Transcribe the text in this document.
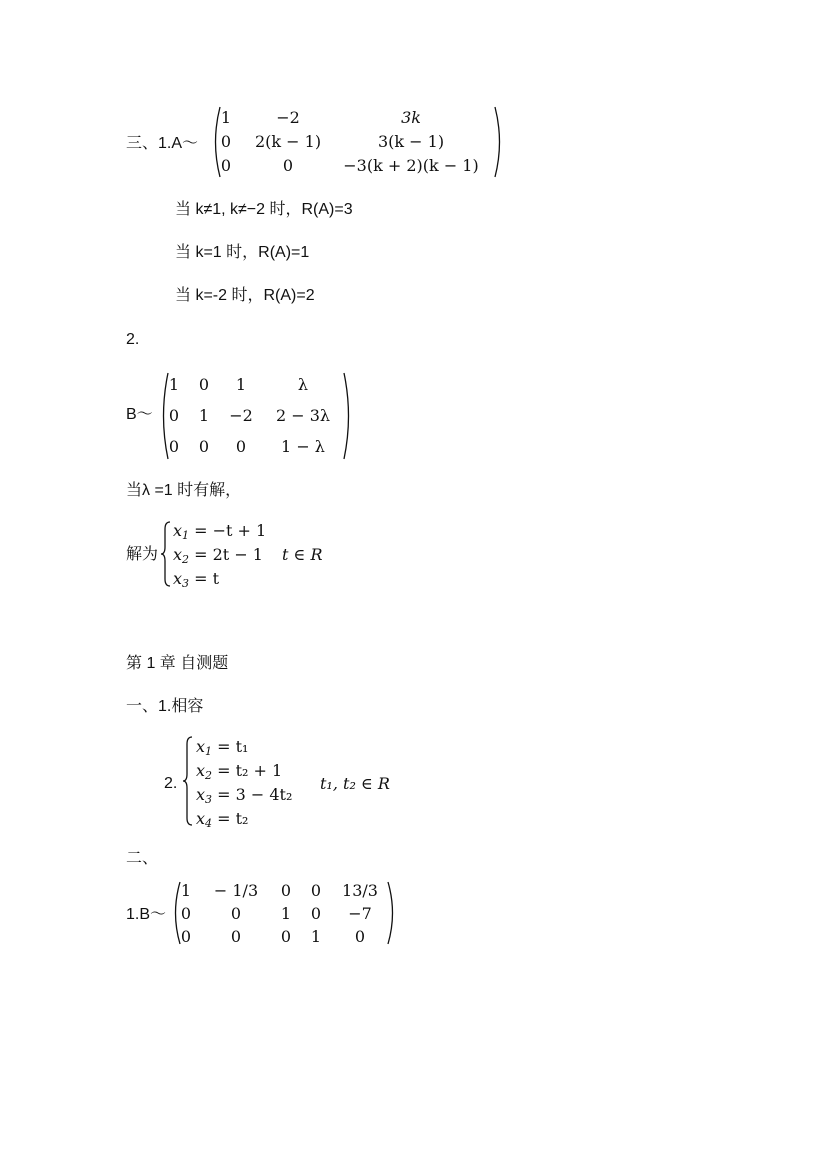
三、1.A～
1	−2	3k
0	2(k − 1)	3(k − 1)
0	0	−3(k + 2)(k − 1)
当 k≠1, k≠−2 时，R(A)=3
当 k=1 时，R(A)=1
当 k=-2 时，R(A)=2
2.
B～
1	0	1	λ
0	1	−2	2 − 3λ
0	0	0	1 − λ
当λ =1 时有解，
解为
$x_1 = -t + 1$
$x_2 = 2t - 1$
$x_3 = t$
t ∈ R
第 1 章 自测题
一、1.相容
2.
$x_1 = t_1$
$x_2 = t_2 + 1$
$x_3 = 3 - 4t_2$
$x_4 = t_2$
t₁, t₂ ∈ R
二、
1.B～
1	− 1/3	0	0	13/3
0	0	1	0	−7
0	0	0	1	0
